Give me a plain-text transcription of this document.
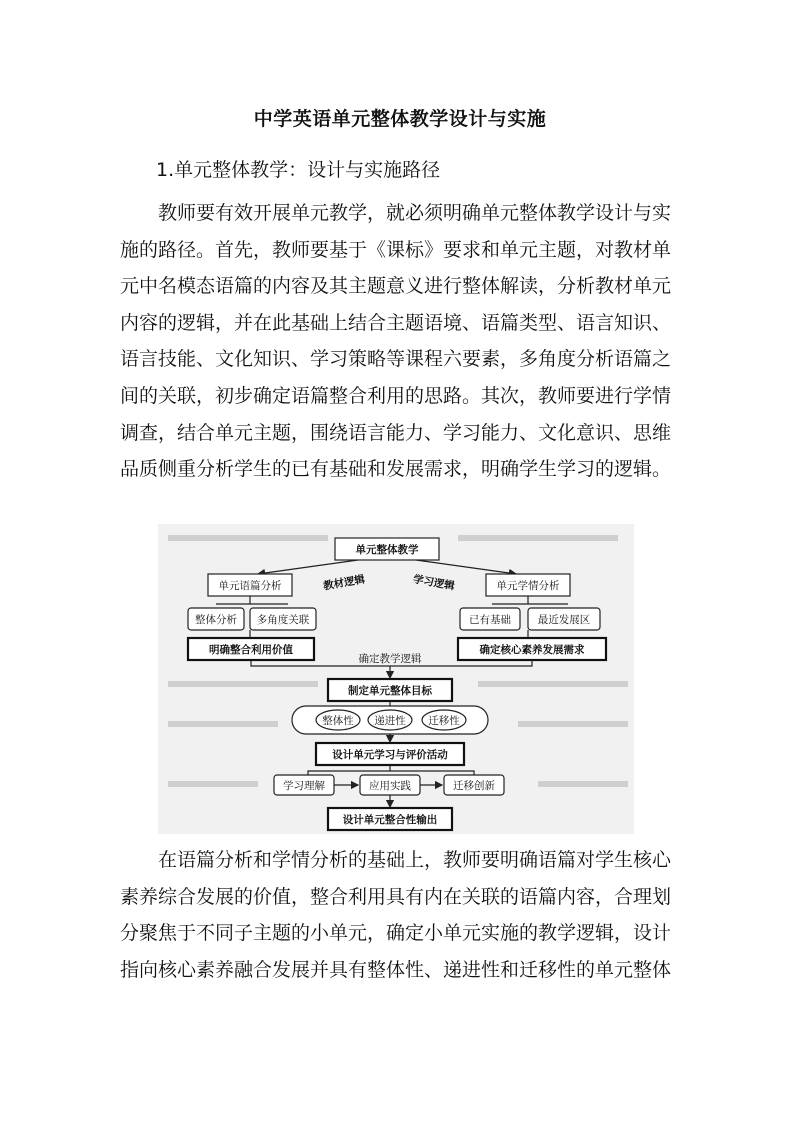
中学英语单元整体教学设计与实施
1.单元整体教学：设计与实施路径

教师要有效开展单元教学，就必须明确单元整体教学设计与实
施的路径。首先，教师要基于《课标》要求和单元主题，对教材单
元中名模态语篇的内容及其主题意义进行整体解读，分析教材单元
内容的逻辑，并在此基础上结合主题语境、语篇类型、语言知识、
语言技能、文化知识、学习策略等课程六要素，多角度分析语篇之
间的关联，初步确定语篇整合利用的思路。其次，教师要进行学情
调查，结合单元主题，围绕语言能力、学习能力、文化意识、思维
品质侧重分析学生的已有基础和发展需求，明确学生学习的逻辑。

单元整体教学
教材逻辑	学习逻辑
单元语篇分析	单元学情分析
整体分析 多角度关联	已有基础	最近发展区
明确整合利用价值	确定核心素养发展需求
确定教学逻辑
制定单元整体目标
整体性 递进性 迁移性
设计单元学习与评价活动
学习理解	应用实践	迁移创新
设计单元整合性输出

在语篇分析和学情分析的基础上，教师要明确语篇对学生核心
素养综合发展的价值，整合利用具有内在关联的语篇内容，合理划
分聚焦于不同子主题的小单元，确定小单元实施的教学逻辑，设计
指向核心素养融合发展并具有整体性、递进性和迁移性的单元整体
